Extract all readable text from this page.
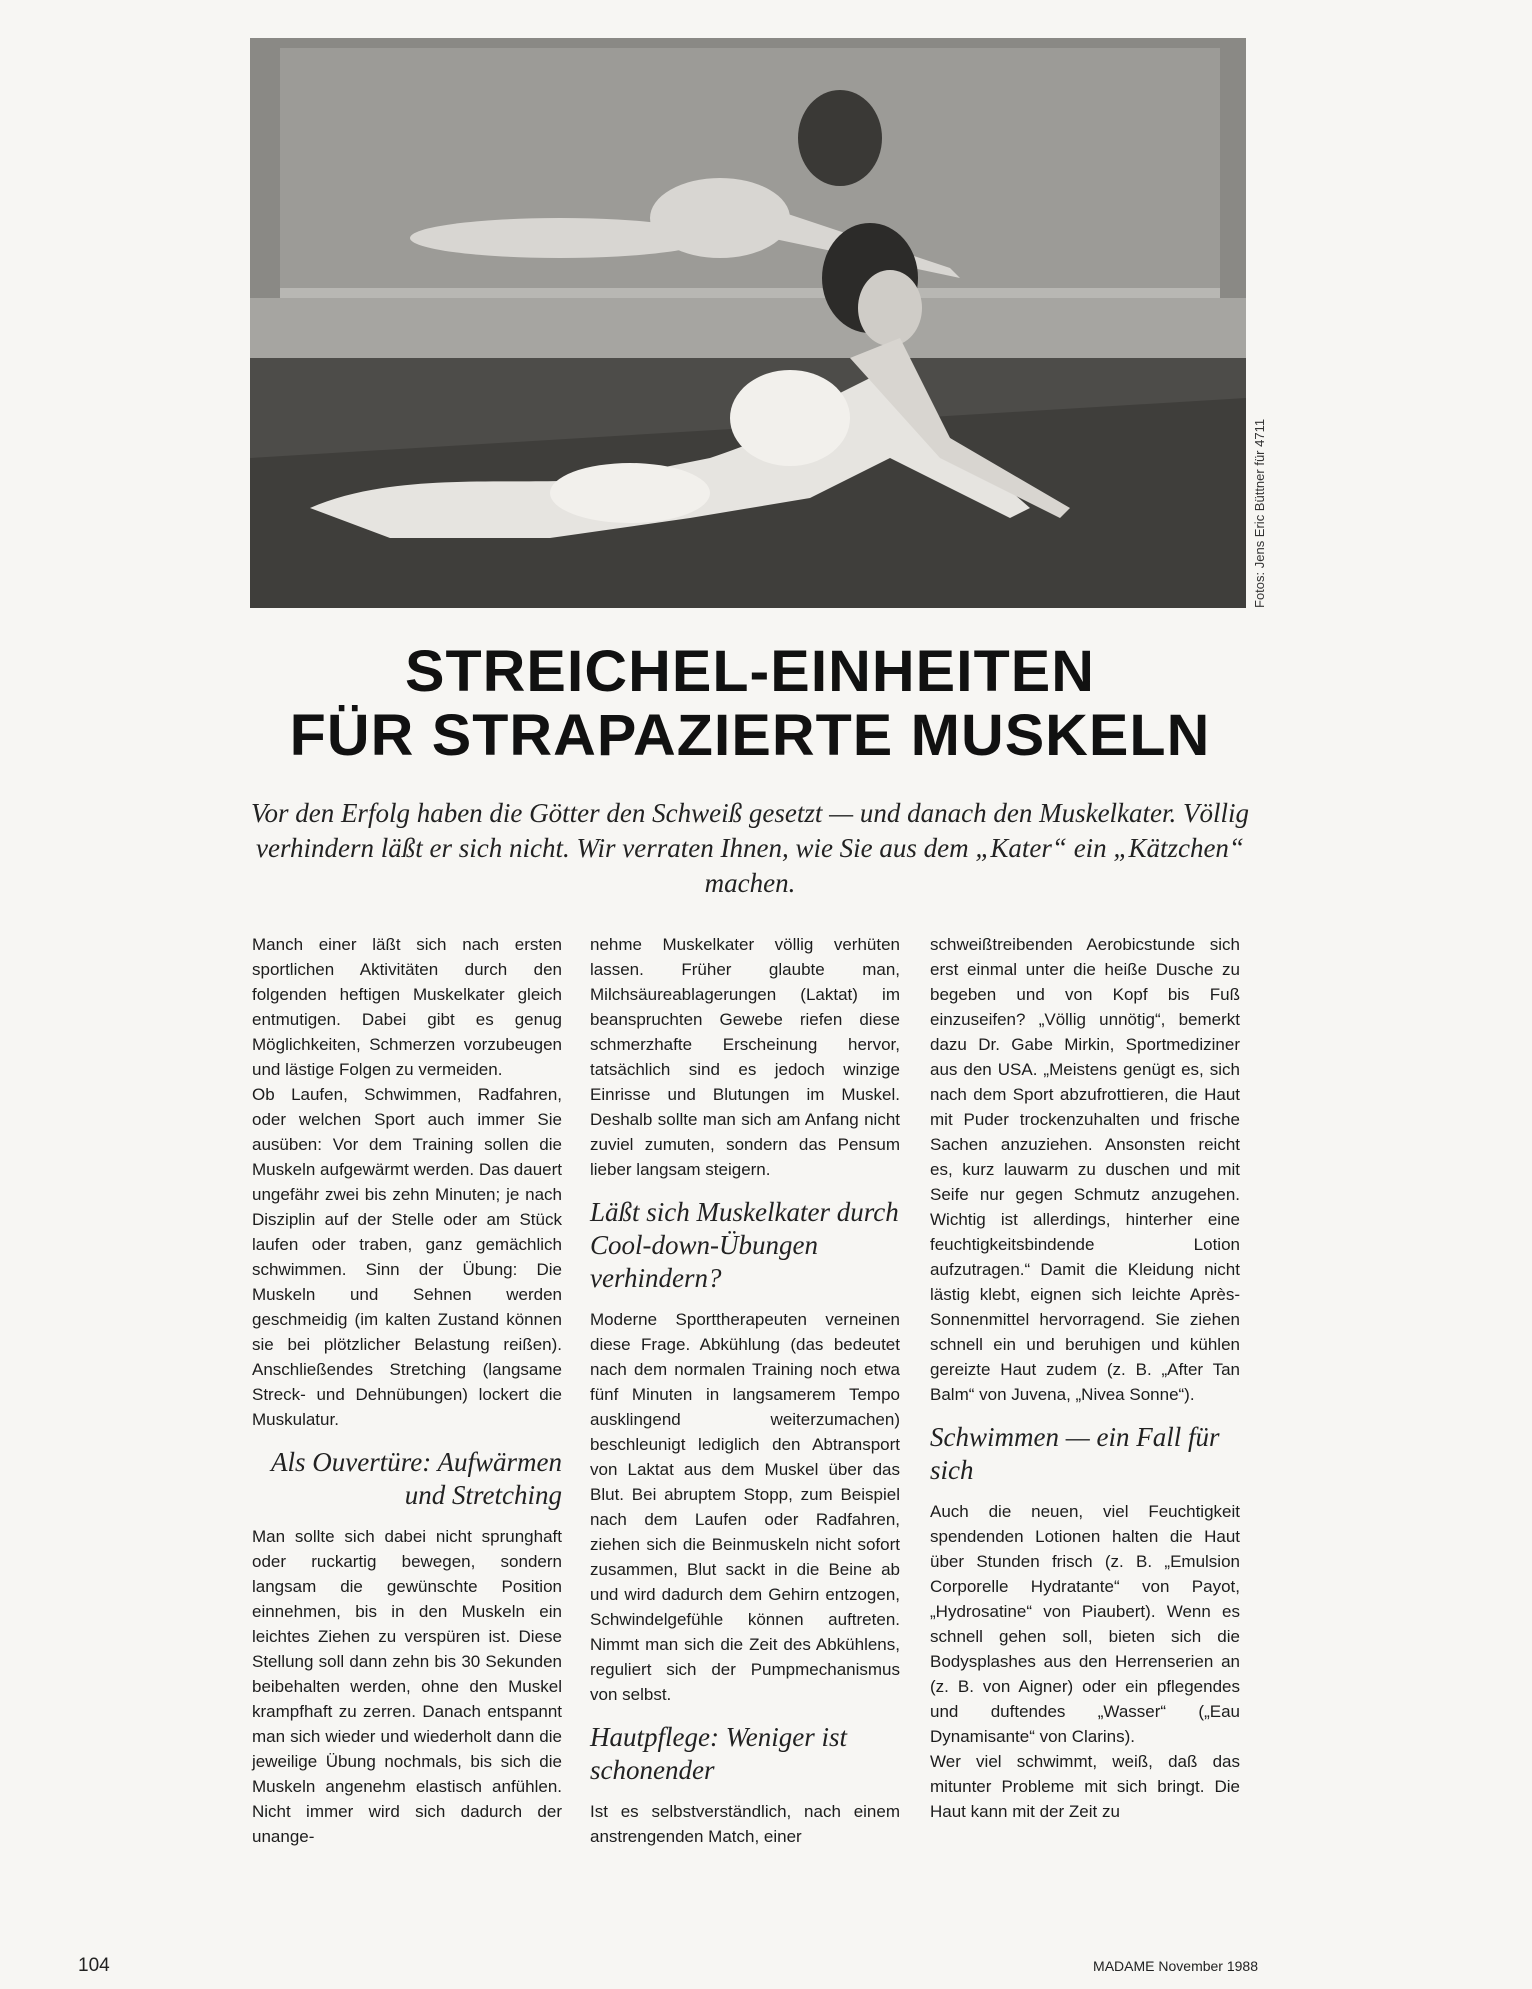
Fotos: Jens Eric Büttner für 4711
STREICHEL-EINHEITEN
FÜR STRAPAZIERTE MUSKELN
Vor den Erfolg haben die Götter den Schweiß gesetzt — und danach den Muskelkater. Völlig verhindern läßt er sich nicht. Wir verraten Ihnen, wie Sie aus dem „Kater“ ein „Kätzchen“ machen.

Manch einer läßt sich nach ersten sportlichen Aktivitäten durch den folgenden heftigen Muskelkater gleich entmutigen. Dabei gibt es genug Möglichkeiten, Schmerzen vorzubeugen und lästige Folgen zu vermeiden.

Ob Laufen, Schwimmen, Radfahren, oder welchen Sport auch immer Sie ausüben: Vor dem Training sollen die Muskeln aufgewärmt werden. Das dauert ungefähr zwei bis zehn Minuten; je nach Disziplin auf der Stelle oder am Stück laufen oder traben, ganz gemächlich schwimmen. Sinn der Übung: Die Muskeln und Sehnen werden geschmeidig (im kalten Zustand können sie bei plötzlicher Belastung reißen). Anschließendes Stretching (langsame Streck- und Dehnübungen) lockert die Muskulatur.

Als Ouvertüre: Aufwärmen und Stretching

Man sollte sich dabei nicht sprunghaft oder ruckartig bewegen, sondern langsam die gewünschte Position einnehmen, bis in den Muskeln ein leichtes Ziehen zu verspüren ist. Diese Stellung soll dann zehn bis 30 Sekunden beibehalten werden, ohne den Muskel krampfhaft zu zerren. Danach entspannt man sich wieder und wiederholt dann die jeweilige Übung nochmals, bis sich die Muskeln angenehm elastisch anfühlen. Nicht immer wird sich dadurch der unange-

nehme Muskelkater völlig verhüten lassen. Früher glaubte man, Milchsäureablagerungen (Laktat) im beanspruchten Gewebe riefen diese schmerzhafte Erscheinung hervor, tatsächlich sind es jedoch winzige Einrisse und Blutungen im Muskel. Deshalb sollte man sich am Anfang nicht zuviel zumuten, sondern das Pensum lieber langsam steigern.

Läßt sich Muskelkater durch Cool-down-Übungen verhindern?

Moderne Sporttherapeuten verneinen diese Frage. Abkühlung (das bedeutet nach dem normalen Training noch etwa fünf Minuten in langsamerem Tempo ausklingend weiterzumachen) beschleunigt lediglich den Abtransport von Laktat aus dem Muskel über das Blut. Bei abruptem Stopp, zum Beispiel nach dem Laufen oder Radfahren, ziehen sich die Beinmuskeln nicht sofort zusammen, Blut sackt in die Beine ab und wird dadurch dem Gehirn entzogen, Schwindelgefühle können auftreten. Nimmt man sich die Zeit des Abkühlens, reguliert sich der Pumpmechanismus von selbst.

Hautpflege: Weniger ist schonender

Ist es selbstverständlich, nach einem anstrengenden Match, einer

schweißtreibenden Aerobicstunde sich erst einmal unter die heiße Dusche zu begeben und von Kopf bis Fuß einzuseifen? „Völlig unnötig“, bemerkt dazu Dr. Gabe Mirkin, Sportmediziner aus den USA. „Meistens genügt es, sich nach dem Sport abzufrottieren, die Haut mit Puder trockenzuhalten und frische Sachen anzuziehen. Ansonsten reicht es, kurz lauwarm zu duschen und mit Seife nur gegen Schmutz anzugehen. Wichtig ist allerdings, hinterher eine feuchtigkeitsbindende Lotion aufzutragen.“ Damit die Kleidung nicht lästig klebt, eignen sich leichte Après-Sonnenmittel hervorragend. Sie ziehen schnell ein und beruhigen und kühlen gereizte Haut zudem (z. B. „After Tan Balm“ von Juvena, „Nivea Sonne“).

Schwimmen — ein Fall für sich

Auch die neuen, viel Feuchtigkeit spendenden Lotionen halten die Haut über Stunden frisch (z. B. „Emulsion Corporelle Hydratante“ von Payot, „Hydrosatine“ von Piaubert). Wenn es schnell gehen soll, bieten sich die Bodysplashes aus den Herrenserien an (z. B. von Aigner) oder ein pflegendes und duftendes „Wasser“ („Eau Dynamisante“ von Clarins).

Wer viel schwimmt, weiß, daß das mitunter Probleme mit sich bringt. Die Haut kann mit der Zeit zu

104	MADAME November 1988
